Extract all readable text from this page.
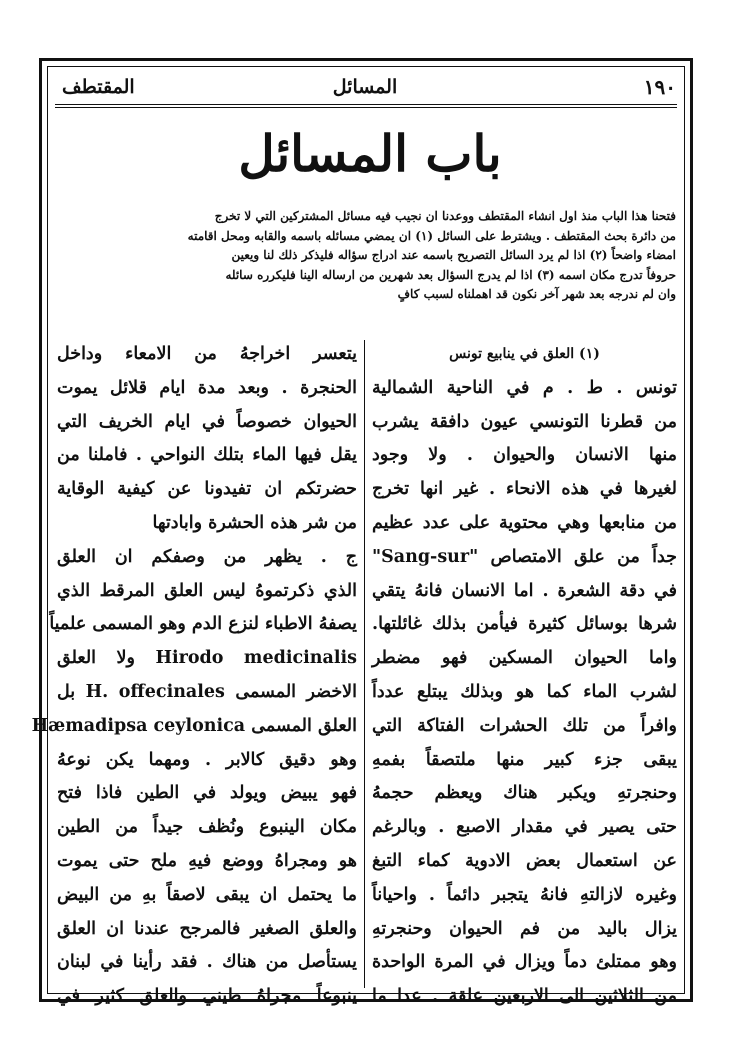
١٩٠
المسائل
المقتطف
باب المسائل

فتحنا هذا الباب منذ اول انشاء المقتطف ووعدنا ان نجيب فيه مسائل المشتركين التي لا تخرج

من دائرة بحث المقتطف . ويشترط على السائل (١) ان يمضي مسائله باسمه والقابه ومحل اقامته

امضاء واضحاً (٢) اذا لم يرد السائل التصريح باسمه عند ادراج سؤاله فليذكر ذلك لنا ويعين

حروفاً تدرج مكان اسمه (٣) اذا لم يدرج السؤال بعد شهرين من ارساله الينا فليكرره سائله

وان لم ندرجه بعد شهر آخر نكون قد اهملناه لسبب كافٍ

(١) العلق في ينابيع تونس
تونس . ط . م في الناحية الشمالية
من قطرنا التونسي عيون دافقة يشرب
منها الانسان والحيوان . ولا وجود
لغيرها في هذه الانحاء . غير انها تخرج
من منابعها وهي محتوية على عدد عظيم
جداً من علق الامتصاص "Sang-sur"
في دقة الشعرة . اما الانسان فانهُ يتقي
شرها بوسائل كثيرة فيأمن بذلك غائلتها.
واما الحيوان المسكين فهو مضطر
لشرب الماء كما هو وبذلك يبتلع عدداً
وافراً من تلك الحشرات الفتاكة التي
يبقى جزء كبير منها ملتصقاً بفمهِ
وحنجرتهِ ويكبر هناك ويعظم حجمهُ
حتى يصير في مقدار الاصبع . وبالرغم
عن استعمال بعض الادوية كماء التبغ
وغيره لازالتهِ فانهُ يتجبر دائماً . واحياناً
يزال باليد من فم الحيوان وحنجرتهِ
وهو ممتلئ دماً ويزال في المرة الواحدة
من الثلاثين الى الاربعين علقة . عدا ما
يتعسر اخراجهُ من الامعاء وداخل
الحنجرة . وبعد مدة ايام قلائل يموت
الحيوان خصوصاً في ايام الخريف التي
يقل فيها الماء بتلك النواحي . فاملنا من
حضرتكم ان تفيدونا عن كيفية الوقاية
من شر هذه الحشرة وابادتها
ج . يظهر من وصفكم ان العلق
الذي ذكرتموهُ ليس العلق المرقط الذي
يصفهُ الاطباء لنزع الدم وهو المسمى علمياً
Hirodo medicinalis ولا العلق
الاخضر المسمى H. offecinales بل
العلق المسمى Hæmadipsa ceylonica
وهو دقيق كالابر . ومهما يكن نوعهُ
فهو يبيض ويولد في الطين فاذا فتح
مكان الينبوع ونُظف جيداً من الطين
هو ومجراهُ ووضع فيهِ ملح حتى يموت
ما يحتمل ان يبقى لاصقاً بهِ من البيض
والعلق الصغير فالمرجح عندنا ان العلق
يستأصل من هناك . فقد رأينا في لبنان
ينبوعاً مجراهُ طيني والعلق كثير في
